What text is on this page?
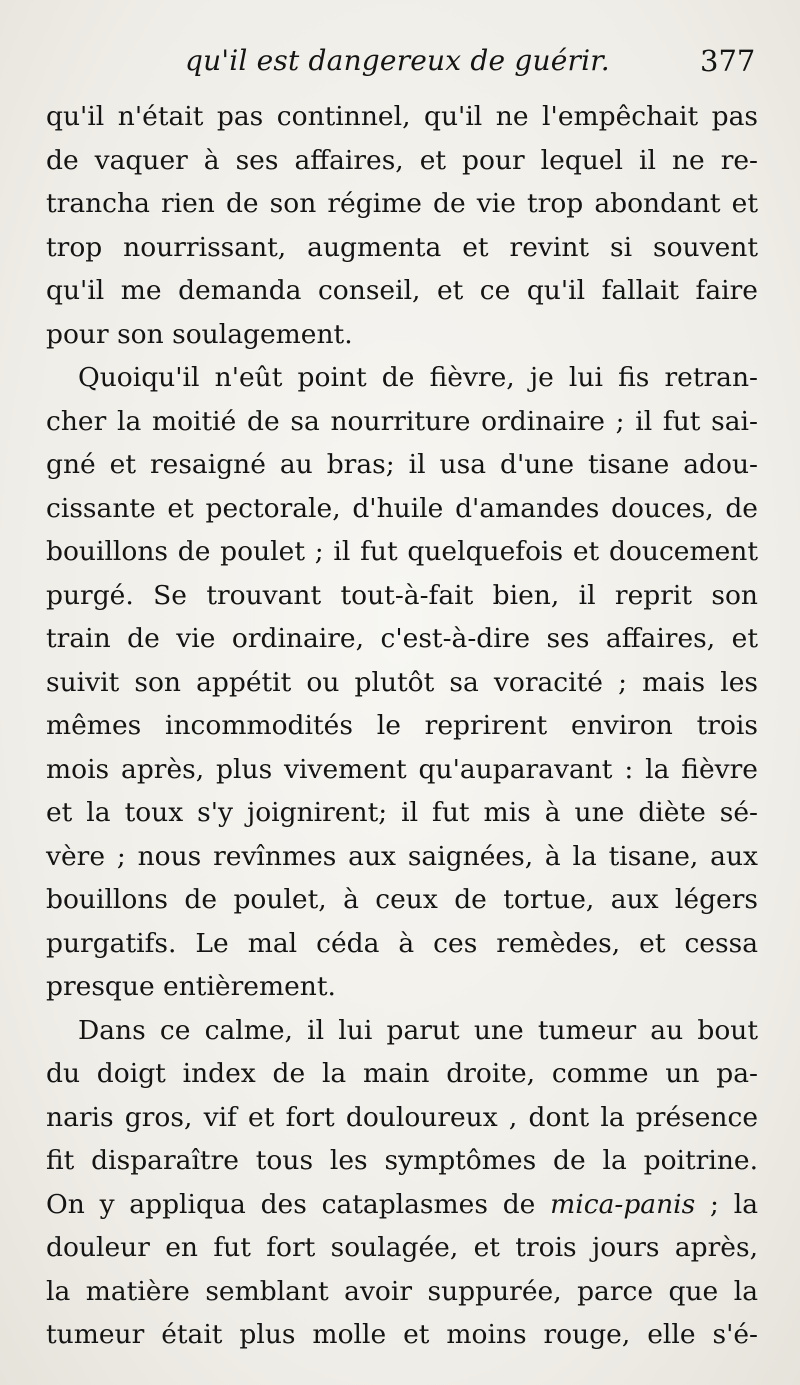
qu'il est dangereux de guérir.	377
qu'il n'était pas continnel, qu'il ne l'empêchait pas
de vaquer à ses affaires, et pour lequel il ne re-
trancha rien de son régime de vie trop abondant et
trop nourrissant, augmenta et revint si souvent
qu'il me demanda conseil, et ce qu'il fallait faire
pour son soulagement.
Quoiqu'il n'eût point de fièvre, je lui fis retran-
cher la moitié de sa nourriture ordinaire ; il fut sai-
gné et resaigné au bras; il usa d'une tisane adou-
cissante et pectorale, d'huile d'amandes douces, de
bouillons de poulet ; il fut quelquefois et doucement
purgé. Se trouvant tout-à-fait bien, il reprit son
train de vie ordinaire, c'est-à-dire ses affaires, et
suivit son appétit ou plutôt sa voracité ; mais les
mêmes incommodités le reprirent environ trois
mois après, plus vivement qu'auparavant : la fièvre
et la toux s'y joignirent; il fut mis à une diète sé-
vère ; nous revînmes aux saignées, à la tisane, aux
bouillons de poulet, à ceux de tortue, aux légers
purgatifs. Le mal céda à ces remèdes, et cessa
presque entièrement.
Dans ce calme, il lui parut une tumeur au bout
du doigt index de la main droite, comme un pa-
naris gros, vif et fort douloureux , dont la présence
fit disparaître tous les symptômes de la poitrine.
On y appliqua des cataplasmes de mica-panis ; la
douleur en fut fort soulagée, et trois jours après,
la matière semblant avoir suppurée, parce que la
tumeur était plus molle et moins rouge, elle s'é-
